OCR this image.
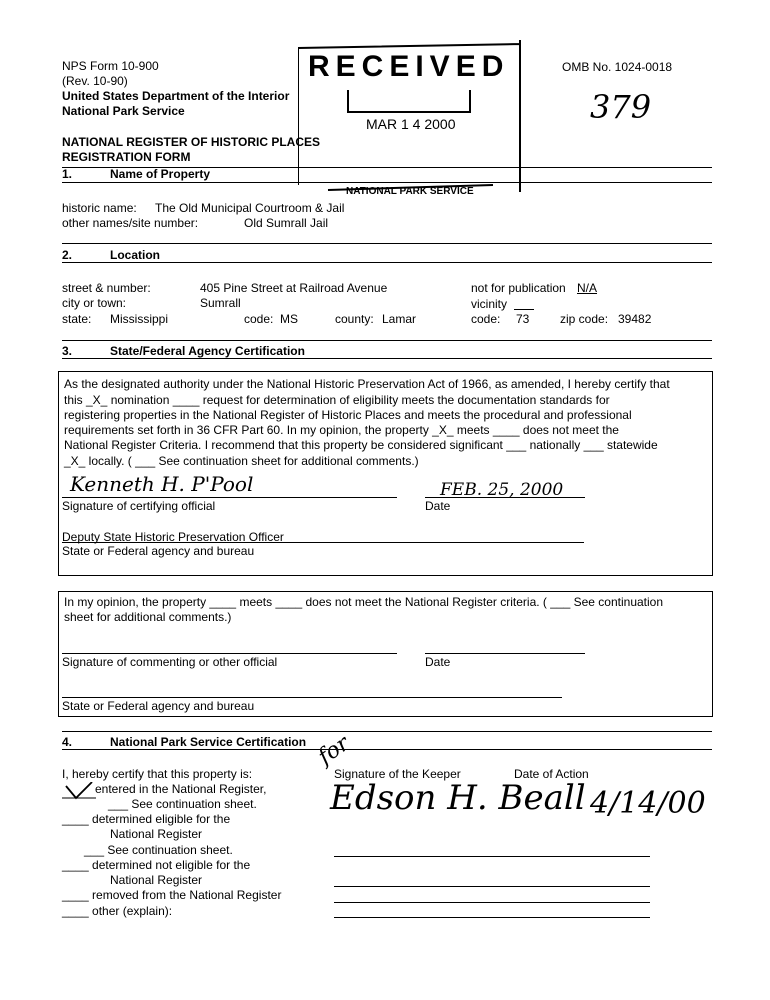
NPS Form 10-900
(Rev. 10-90)
United States Department of the Interior
National Park Service
OMB No. 1024-0018
379
NATIONAL REGISTER OF HISTORIC PLACES
REGISTRATION FORM
RECEIVED
MAR 1 4 2000
NATIONAL PARK SERVICE
1.	Name of Property
historic name: The Old Municipal Courtroom & Jail
other names/site number:	Old Sumrall Jail
2.	Location
street & number:	405 Pine Street at Railroad Avenue	not for publication N/A
city or town:	Sumrall	vicinity
state: Mississippi	code: MS	county: Lamar	code: 73	zip code: 39482
3.	State/Federal Agency Certification
As the designated authority under the National Historic Preservation Act of 1966, as amended, I hereby certify that
this _X_ nomination ____ request for determination of eligibility meets the documentation standards for
registering properties in the National Register of Historic Places and meets the procedural and professional
requirements set forth in 36 CFR Part 60. In my opinion, the property _X_ meets ____ does not meet the
National Register Criteria. I recommend that this property be considered significant ___ nationally ___ statewide
_X_ locally. ( ___ See continuation sheet for additional comments.)
Kenneth H. P'Pool	FEB. 25, 2000
Signature of certifying official	Date
Deputy State Historic Preservation Officer
State or Federal agency and bureau
In my opinion, the property ____ meets ____ does not meet the National Register criteria. ( ___ See continuation
sheet for additional comments.)
Signature of commenting or other official	Date
State or Federal agency and bureau
4.	National Park Service Certification
I, hereby certify that this property is:
entered in the National Register,
___ See continuation sheet.
____ determined eligible for the
National Register
___ See continuation sheet.
____ determined not eligible for the
National Register
____ removed from the National Register
____ other (explain):
Signature of the Keeper	Date of Action
for
Edson H. Beall 4/14/00
